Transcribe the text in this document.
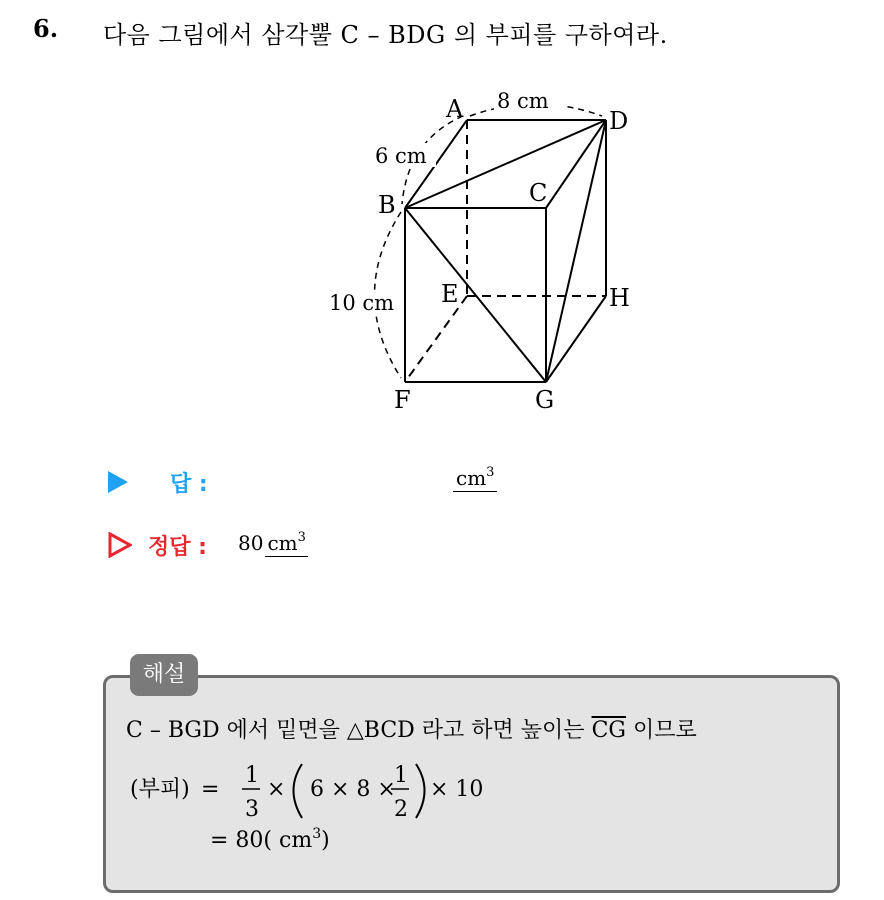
6. 다음 그림에서 삼각뿔 C – BDG 의 부피를 구하여라.
A	D
B	C
E	H
F	G
8 cm
6 cm
10 cm
답 :	$cm^3$
정답 : 80 $cm^3$
해설
C – BGD 에서 밑면을 △BCD 라고 하면 높이는 $\overline{CG}$ 이므로
(부피) =
1
3
× 6 × 8 ×
1
2
× 10
= 80( $cm^3$)
